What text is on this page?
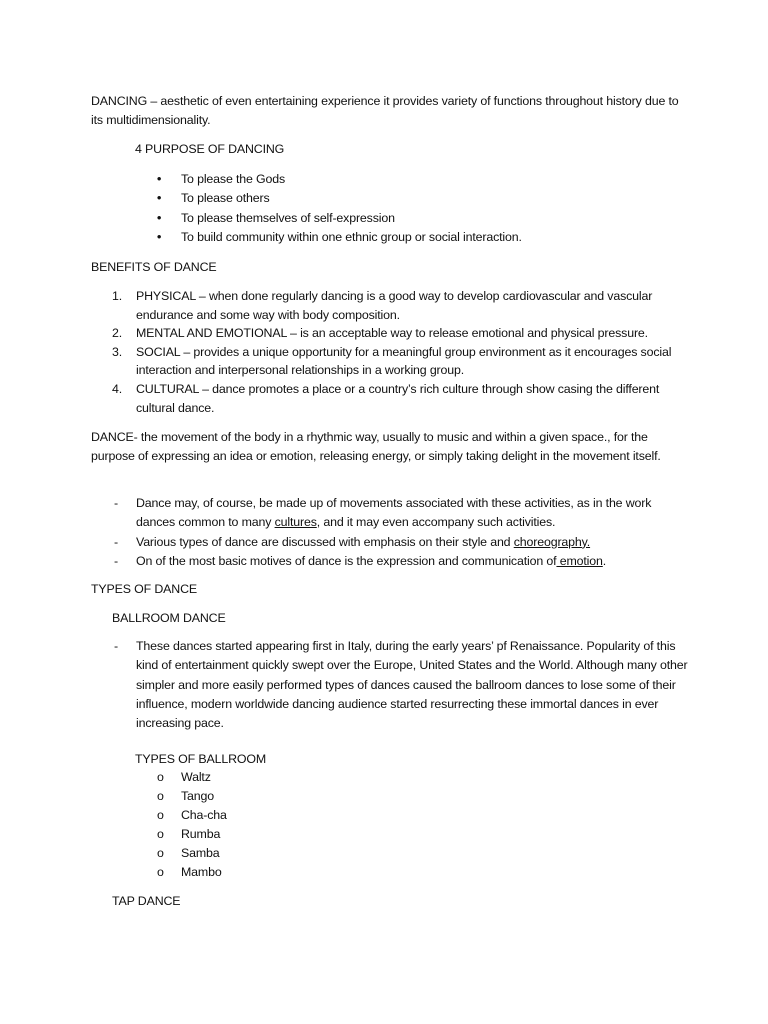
DANCING – aesthetic of even entertaining experience it provides variety of functions throughout history due to its multidimensionality.

4 PURPOSE OF DANCING

• To please the Gods
• To please others
• To please themselves of self-expression
• To build community within one ethnic group or social interaction.

BENEFITS OF DANCE

1. PHYSICAL – when done regularly dancing is a good way to develop cardiovascular and vascular endurance and some way with body composition.
2. MENTAL AND EMOTIONAL – is an acceptable way to release emotional and physical pressure.
3. SOCIAL – provides a unique opportunity for a meaningful group environment as it encourages social interaction and interpersonal relationships in a working group.
4. CULTURAL – dance promotes a place or a country’s rich culture through show casing the different cultural dance.

DANCE- the movement of the body in a rhythmic way, usually to music and within a given space., for the purpose of expressing an idea or emotion, releasing energy, or simply taking delight in the movement itself.

- Dance may, of course, be made up of movements associated with these activities, as in the work dances common to many cultures, and it may even accompany such activities.
- Various types of dance are discussed with emphasis on their style and choreography.
- On of the most basic motives of dance is the expression and communication of emotion.

TYPES OF DANCE

BALLROOM DANCE

- These dances started appearing first in Italy, during the early years’ pf Renaissance. Popularity of this kind of entertainment quickly swept over the Europe, United States and the World. Although many other simpler and more easily performed types of dances caused the ballroom dances to lose some of their influence, modern worldwide dancing audience started resurrecting these immortal dances in ever increasing pace.

TYPES OF BALLROOM

o Waltz
o Tango
o Cha-cha
o Rumba
o Samba
o Mambo

TAP DANCE
